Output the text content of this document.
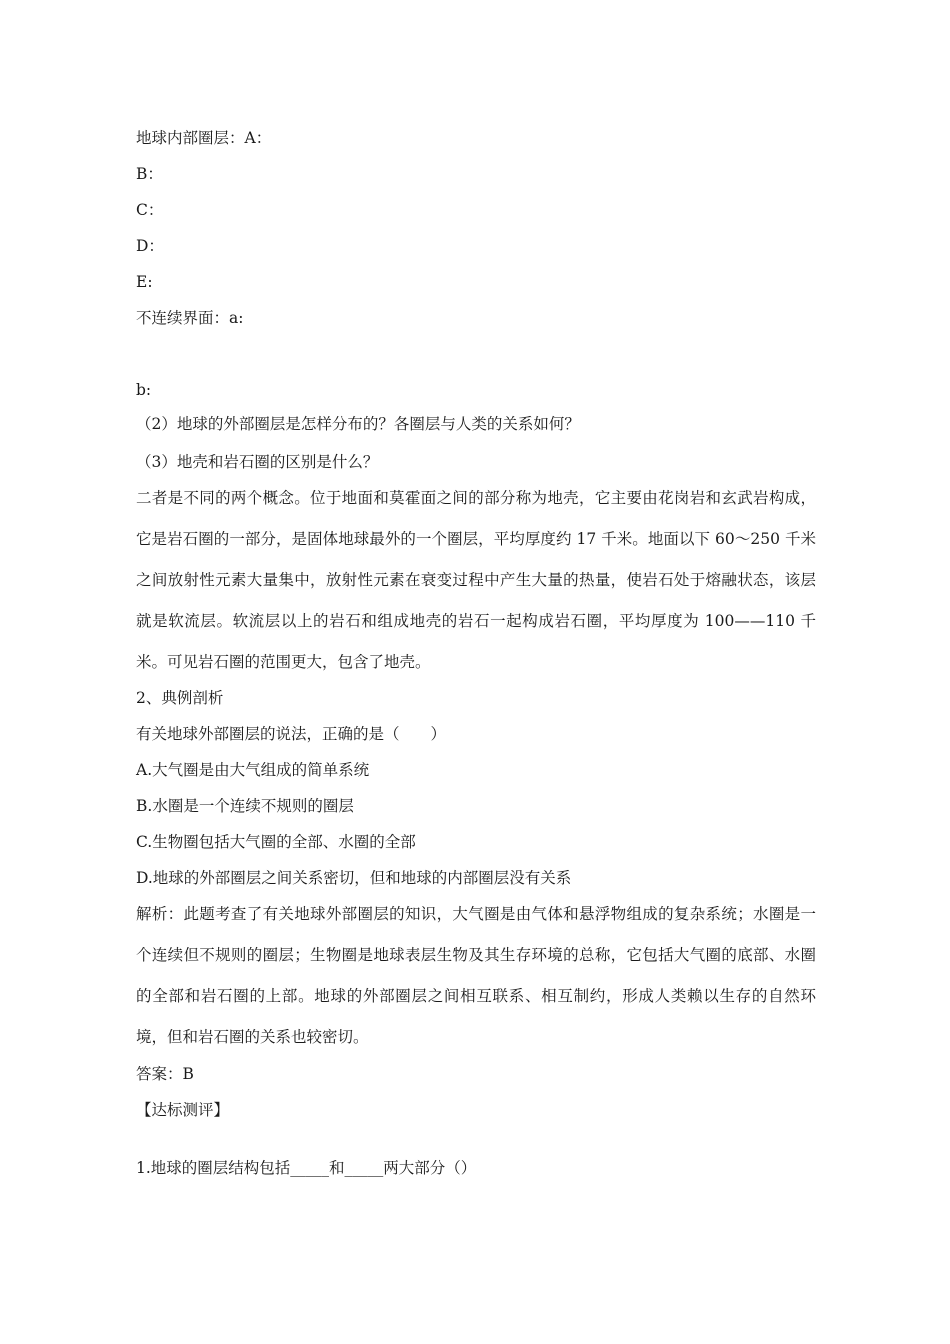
地球内部圈层：A：
B：
C：
D：
E:
不连续界面：a:
b:
（2）地球的外部圈层是怎样分布的？各圈层与人类的关系如何？
（3）地壳和岩石圈的区别是什么？
二者是不同的两个概念。位于地面和莫霍面之间的部分称为地壳，它主要由花岗岩和玄武岩构成，它是岩石圈的一部分，是固体地球最外的一个圈层，平均厚度约 17 千米。地面以下 60～250 千米之间放射性元素大量集中，放射性元素在衰变过程中产生大量的热量，使岩石处于熔融状态，该层就是软流层。软流层以上的岩石和组成地壳的岩石一起构成岩石圈，平均厚度为 100——110 千米。可见岩石圈的范围更大，包含了地壳。
2、典例剖析
有关地球外部圈层的说法，正确的是（　　）
A.大气圈是由大气组成的简单系统
B.水圈是一个连续不规则的圈层
C.生物圈包括大气圈的全部、水圈的全部
D.地球的外部圈层之间关系密切，但和地球的内部圈层没有关系
解析：此题考查了有关地球外部圈层的知识，大气圈是由气体和悬浮物组成的复杂系统；水圈是一个连续但不规则的圈层；生物圈是地球表层生物及其生存环境的总称，它包括大气圈的底部、水圈的全部和岩石圈的上部。地球的外部圈层之间相互联系、相互制约，形成人类赖以生存的自然环境，但和岩石圈的关系也较密切。
答案：B
【达标测评】
1.地球的圈层结构包括_____和_____两大部分（）
